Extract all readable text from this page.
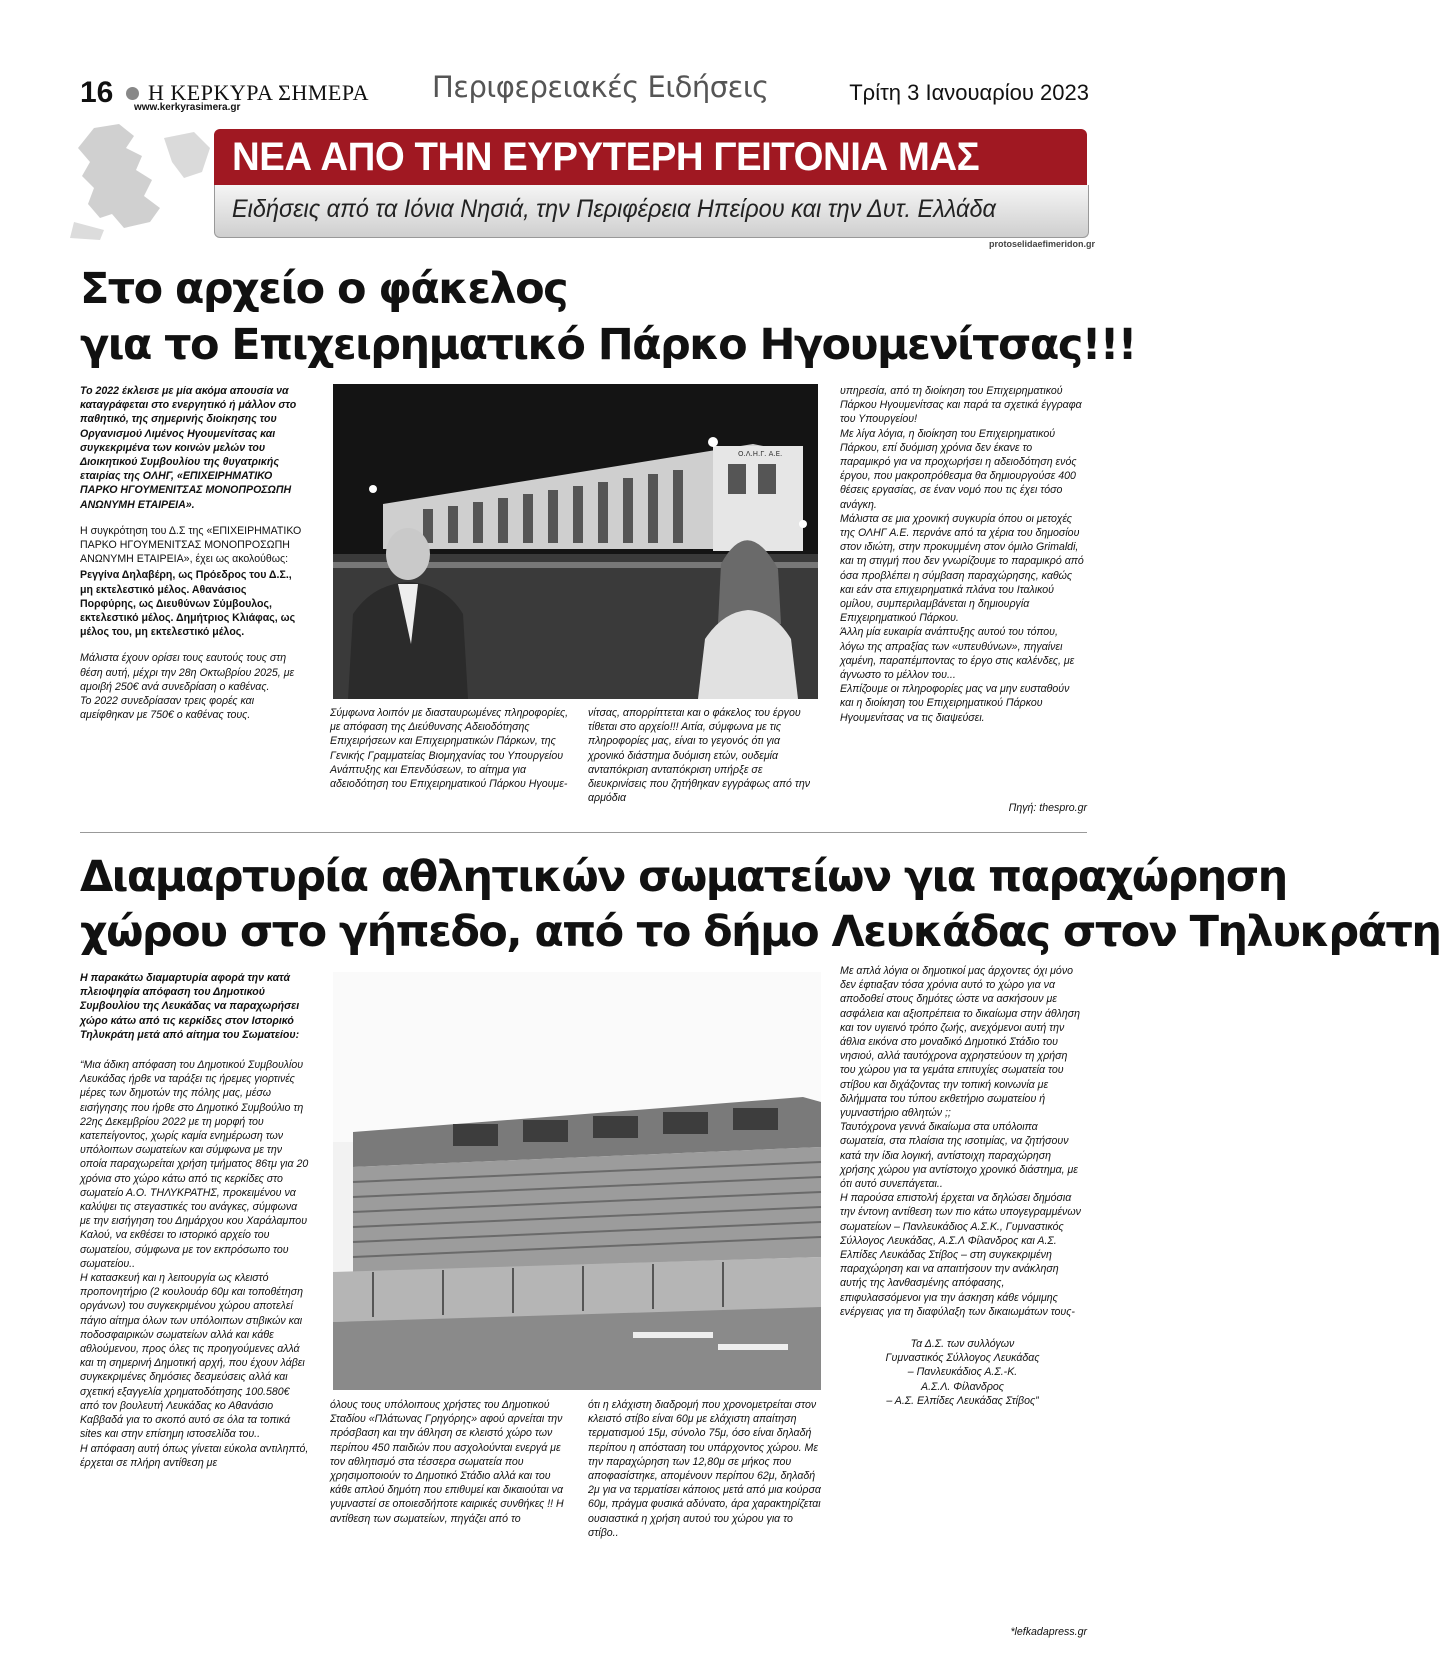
16 Η ΚΕΡΚΥΡΑ ΣΗΜΕΡΑ
www.kerkyrasimera.gr
Περιφερειακές Ειδήσεις	Τρίτη 3 Ιανουαρίου 2023
ΝΕΑ ΑΠΟ ΤΗΝ ΕΥΡΥΤΕΡΗ ΓΕΙΤΟΝΙΑ ΜΑΣ
Ειδήσεις από τα Ιόνια Νησιά, την Περιφέρεια Ηπείρου και την Δυτ. Ελλάδα
protoselidaefimeridon.gr
Στο αρχείο ο φάκελος
για το Επιχειρηματικό Πάρκο Ηγουμενίτσας!!!

Το 2022 έκλεισε με μία ακόμα απουσία να καταγράφεται στο ενεργητικό ή μάλλον στο παθητικό, της σημερινής διοίκησης του Οργανισμού Λιμένος Ηγουμενίτσας και συγκεκριμένα των κοινών μελών του Διοικητικού Συμβουλίου της θυγατρικής εταιρίας της ΟΛΗΓ, «ΕΠΙΧΕΙΡΗΜΑΤΙΚΟ ΠΑΡΚΟ ΗΓΟΥΜΕΝΙΤΣΑΣ ΜΟΝΟΠΡΟΣΩΠΗ ΑΝΩΝΥΜΗ ΕΤΑΙΡΕΙΑ».

Η συγκρότηση του Δ.Σ της «ΕΠΙΧΕΙΡΗΜΑΤΙΚΟ ΠΑΡΚΟ ΗΓΟΥΜΕΝΙΤΣΑΣ ΜΟΝΟΠΡΟΣΩΠΗ ΑΝΩΝΥΜΗ ΕΤΑΙΡΕΙΑ», έχει ως ακολούθως:

Ρεγγίνα Δηλαβέρη, ως Πρόεδρος του Δ.Σ., μη εκτελεστικό μέλος. Αθανάσιος Πορφύρης, ως Διευθύνων Σύμβουλος, εκτελεστικό μέλος. Δημήτριος Κλιάφας, ως μέλος του, μη εκτελεστικό μέλος.

Μάλιστα έχουν ορίσει τους εαυτούς τους στη θέση αυτή, μέχρι την 28η Οκτωβρίου 2025, με αμοιβή 250€ ανά συνεδρίαση ο καθένας.

Το 2022 συνεδρίασαν τρεις φορές και αμείφθηκαν με 750€ ο καθένας τους.

Ο.Λ.Η.Γ. Α.Ε.
Σύμφωνα λοιπόν με διασταυρωμένες πληροφορίες, με απόφαση της Διεύθυνσης Αδειοδότησης Επιχειρήσεων και Επιχειρηματικών Πάρκων, της Γενικής Γραμματείας Βιομηχανίας του Υπουργείου Ανάπτυξης και Επενδύσεων, το αίτημα για αδειοδότηση του Επιχειρηματικού Πάρκου Ηγουμε-
νίτσας, απορρίπτεται και ο φάκελος του έργου τίθεται στο αρχείο!!! Αιτία, σύμφωνα με τις πληροφορίες μας, είναι το γεγονός ότι για χρονικό διάστημα δυόμιση ετών, ουδεμία ανταπόκριση ανταπόκριση υπήρξε σε διευκρινίσεις που ζητήθηκαν εγγράφως από την αρμόδια

υπηρεσία, από τη διοίκηση του Επιχειρηματικού Πάρκου Ηγουμενίτσας και παρά τα σχετικά έγγραφα του Υπουργείου!

Με λίγα λόγια, η διοίκηση του Επιχειρηματικού Πάρκου, επί δυόμιση χρόνια δεν έκανε το παραμικρό για να προχωρήσει η αδειοδότηση ενός έργου, που μακροπρόθεσμα θα δημιουργούσε 400 θέσεις εργασίας, σε έναν νομό που τις έχει τόσο ανάγκη.

Μάλιστα σε μια χρονική συγκυρία όπου οι μετοχές της ΟΛΗΓ Α.Ε. περνάνε από τα χέρια του δημοσίου στον ιδιώτη, στην προκυμμένη στον όμιλο Grimaldi, και τη στιγμή που δεν γνωρίζουμε το παραμικρό από όσα προβλέπει η σύμβαση παραχώρησης, καθώς και εάν στα επιχειρηματικά πλάνα του Ιταλικού ομίλου, συμπεριλαμβάνεται η δημιουργία Επιχειρηματικού Πάρκου.

Άλλη μία ευκαιρία ανάπτυξης αυτού του τόπου, λόγω της απραξίας των «υπευθύνων», πηγαίνει χαμένη, παραπέμποντας το έργο στις καλένδες, με άγνωστο το μέλλον του...

Ελπίζουμε οι πληροφορίες μας να μην ευσταθούν και η διοίκηση του Επιχειρηματικού Πάρκου Ηγουμενίτσας να τις διαψεύσει.

Πηγή: thespro.gr
Διαμαρτυρία αθλητικών σωματείων για παραχώρηση
χώρου στο γήπεδο, από το δήμο Λευκάδας στον Τηλυκράτη

Η παρακάτω διαμαρτυρία αφορά την κατά πλειοψηφία απόφαση του Δημοτικού Συμβουλίου της Λευκάδας να παραχωρήσει χώρο κάτω από τις κερκίδες στον Ιστορικό Τηλυκράτη μετά από αίτημα του Σωματείου:

“Μια άδικη απόφαση του Δημοτικού Συμβουλίου Λευκάδας ήρθε να ταράξει τις ήρεμες γιορτινές μέρες των δημοτών της πόλης μας, μέσω εισήγησης που ήρθε στο Δημοτικό Συμβούλιο τη 22ης Δεκεμβρίου 2022 με τη μορφή του κατεπείγοντος, χωρίς καμία ενημέρωση των υπόλοιπων σωματείων και σύμφωνα με την οποία παραχωρείται χρήση τμήματος 86τμ για 20 χρόνια στο χώρο κάτω από τις κερκίδες στο σωματείο Α.Ο. ΤΗΛΥΚΡΑΤΗΣ, προκειμένου να καλύψει τις στεγαστικές του ανάγκες, σύμφωνα με την εισήγηση του Δημάρχου κου Χαράλαμπου Καλού, να εκθέσει το ιστορικό αρχείο του σωματείου, σύμφωνα με τον εκπρόσωπο του σωματείου..

Η κατασκευή και η λειτουργία ως κλειστό προπονητήριο (2 κουλουάρ 60μ και τοποθέτηση οργάνων) του συγκεκριμένου χώρου αποτελεί πάγιο αίτημα όλων των υπόλοιπων στιβικών και ποδοσφαιρικών σωματείων αλλά και κάθε αθλούμενου, προς όλες τις προηγούμενες αλλά και τη σημερινή Δημοτική αρχή, που έχουν λάβει συγκεκριμένες δημόσιες δεσμεύσεις αλλά και σχετική εξαγγελία χρηματοδότησης 100.580€ από τον βουλευτή Λευκάδας κο Αθανάσιο Καββαδά για το σκοπό αυτό σε όλα τα τοπικά sites και στην επίσημη ιστοσελίδα του..

Η απόφαση αυτή όπως γίνεται εύκολα αντιληπτό, έρχεται σε πλήρη αντίθεση με

όλους τους υπόλοιπους χρήστες του Δημοτικού Σταδίου «Πλάτωνας Γρηγόρης» αφού αρνείται την πρόσβαση και την άθληση σε κλειστό χώρο των περίπου 450 παιδιών που ασχολούνται ενεργά με τον αθλητισμό στα τέσσερα σωματεία που χρησιμοποιούν το Δημοτικό Στάδιο αλλά και του κάθε απλού δημότη που επιθυμεί και δικαιούται να γυμναστεί σε οποιεσδήποτε καιρικές συνθήκες !! Η αντίθεση των σωματείων, πηγάζει από το
ότι η ελάχιστη διαδρομή που χρονομετρείται στον κλειστό στίβο είναι 60μ με ελάχιστη απαίτηση τερματισμού 15μ, σύνολο 75μ, όσο είναι δηλαδή περίπου η απόσταση του υπάρχοντος χώρου. Με την παραχώρηση των 12,80μ σε μήκος που αποφασίστηκε, απομένουν περίπου 62μ, δηλαδή 2μ για να τερματίσει κάποιος μετά από μια κούρσα 60μ, πράγμα φυσικά αδύνατο, άρα χαρακτηρίζεται ουσιαστικά η χρήση αυτού του χώρου για το στίβο..

Με απλά λόγια οι δημοτικοί μας άρχοντες όχι μόνο δεν έφτιαξαν τόσα χρόνια αυτό το χώρο για να αποδοθεί στους δημότες ώστε να ασκήσουν με ασφάλεια και αξιοπρέπεια το δικαίωμα στην άθληση και τον υγιεινό τρόπο ζωής, ανεχόμενοι αυτή την άθλια εικόνα στο μοναδικό Δημοτικό Στάδιο του νησιού, αλλά ταυτόχρονα αχρηστεύουν τη χρήση του χώρου για τα γεμάτα επιτυχίες σωματεία του στίβου και διχάζοντας την τοπική κοινωνία με διλήμματα του τύπου εκθετήριο σωματείου ή γυμναστήριο αθλητών ;;

Ταυτόχρονα γεννά δικαίωμα στα υπόλοιπα σωματεία, στα πλαίσια της ισοτιμίας, να ζητήσουν κατά την ίδια λογική, αντίστοιχη παραχώρηση χρήσης χώρου για αντίστοιχο χρονικό διάστημα, με ότι αυτό συνεπάγεται..

Η παρούσα επιστολή έρχεται να δηλώσει δημόσια την έντονη αντίθεση των πιο κάτω υπογεγραμμένων σωματείων – Πανλευκάδιος Α.Σ.Κ., Γυμναστικός Σύλλογος Λευκάδας, Α.Σ.Λ Φίλανδρος και Α.Σ. Ελπίδες Λευκάδας Στίβος – στη συγκεκριμένη παραχώρηση και να απαιτήσουν την ανάκληση αυτής της λανθασμένης απόφασης, επιφυλασσόμενοι για την άσκηση κάθε νόμιμης ενέργειας για τη διαφύλαξη των δικαιωμάτων τους-

Τα Δ.Σ. των συλλόγων
Γυμναστικός Σύλλογος Λευκάδας
– Πανλευκάδιος Α.Σ.-Κ.
Α.Σ.Λ. Φίλανδρος
– Α.Σ. Ελπίδες Λευκάδας Στίβος”
*lefkadapress.gr
